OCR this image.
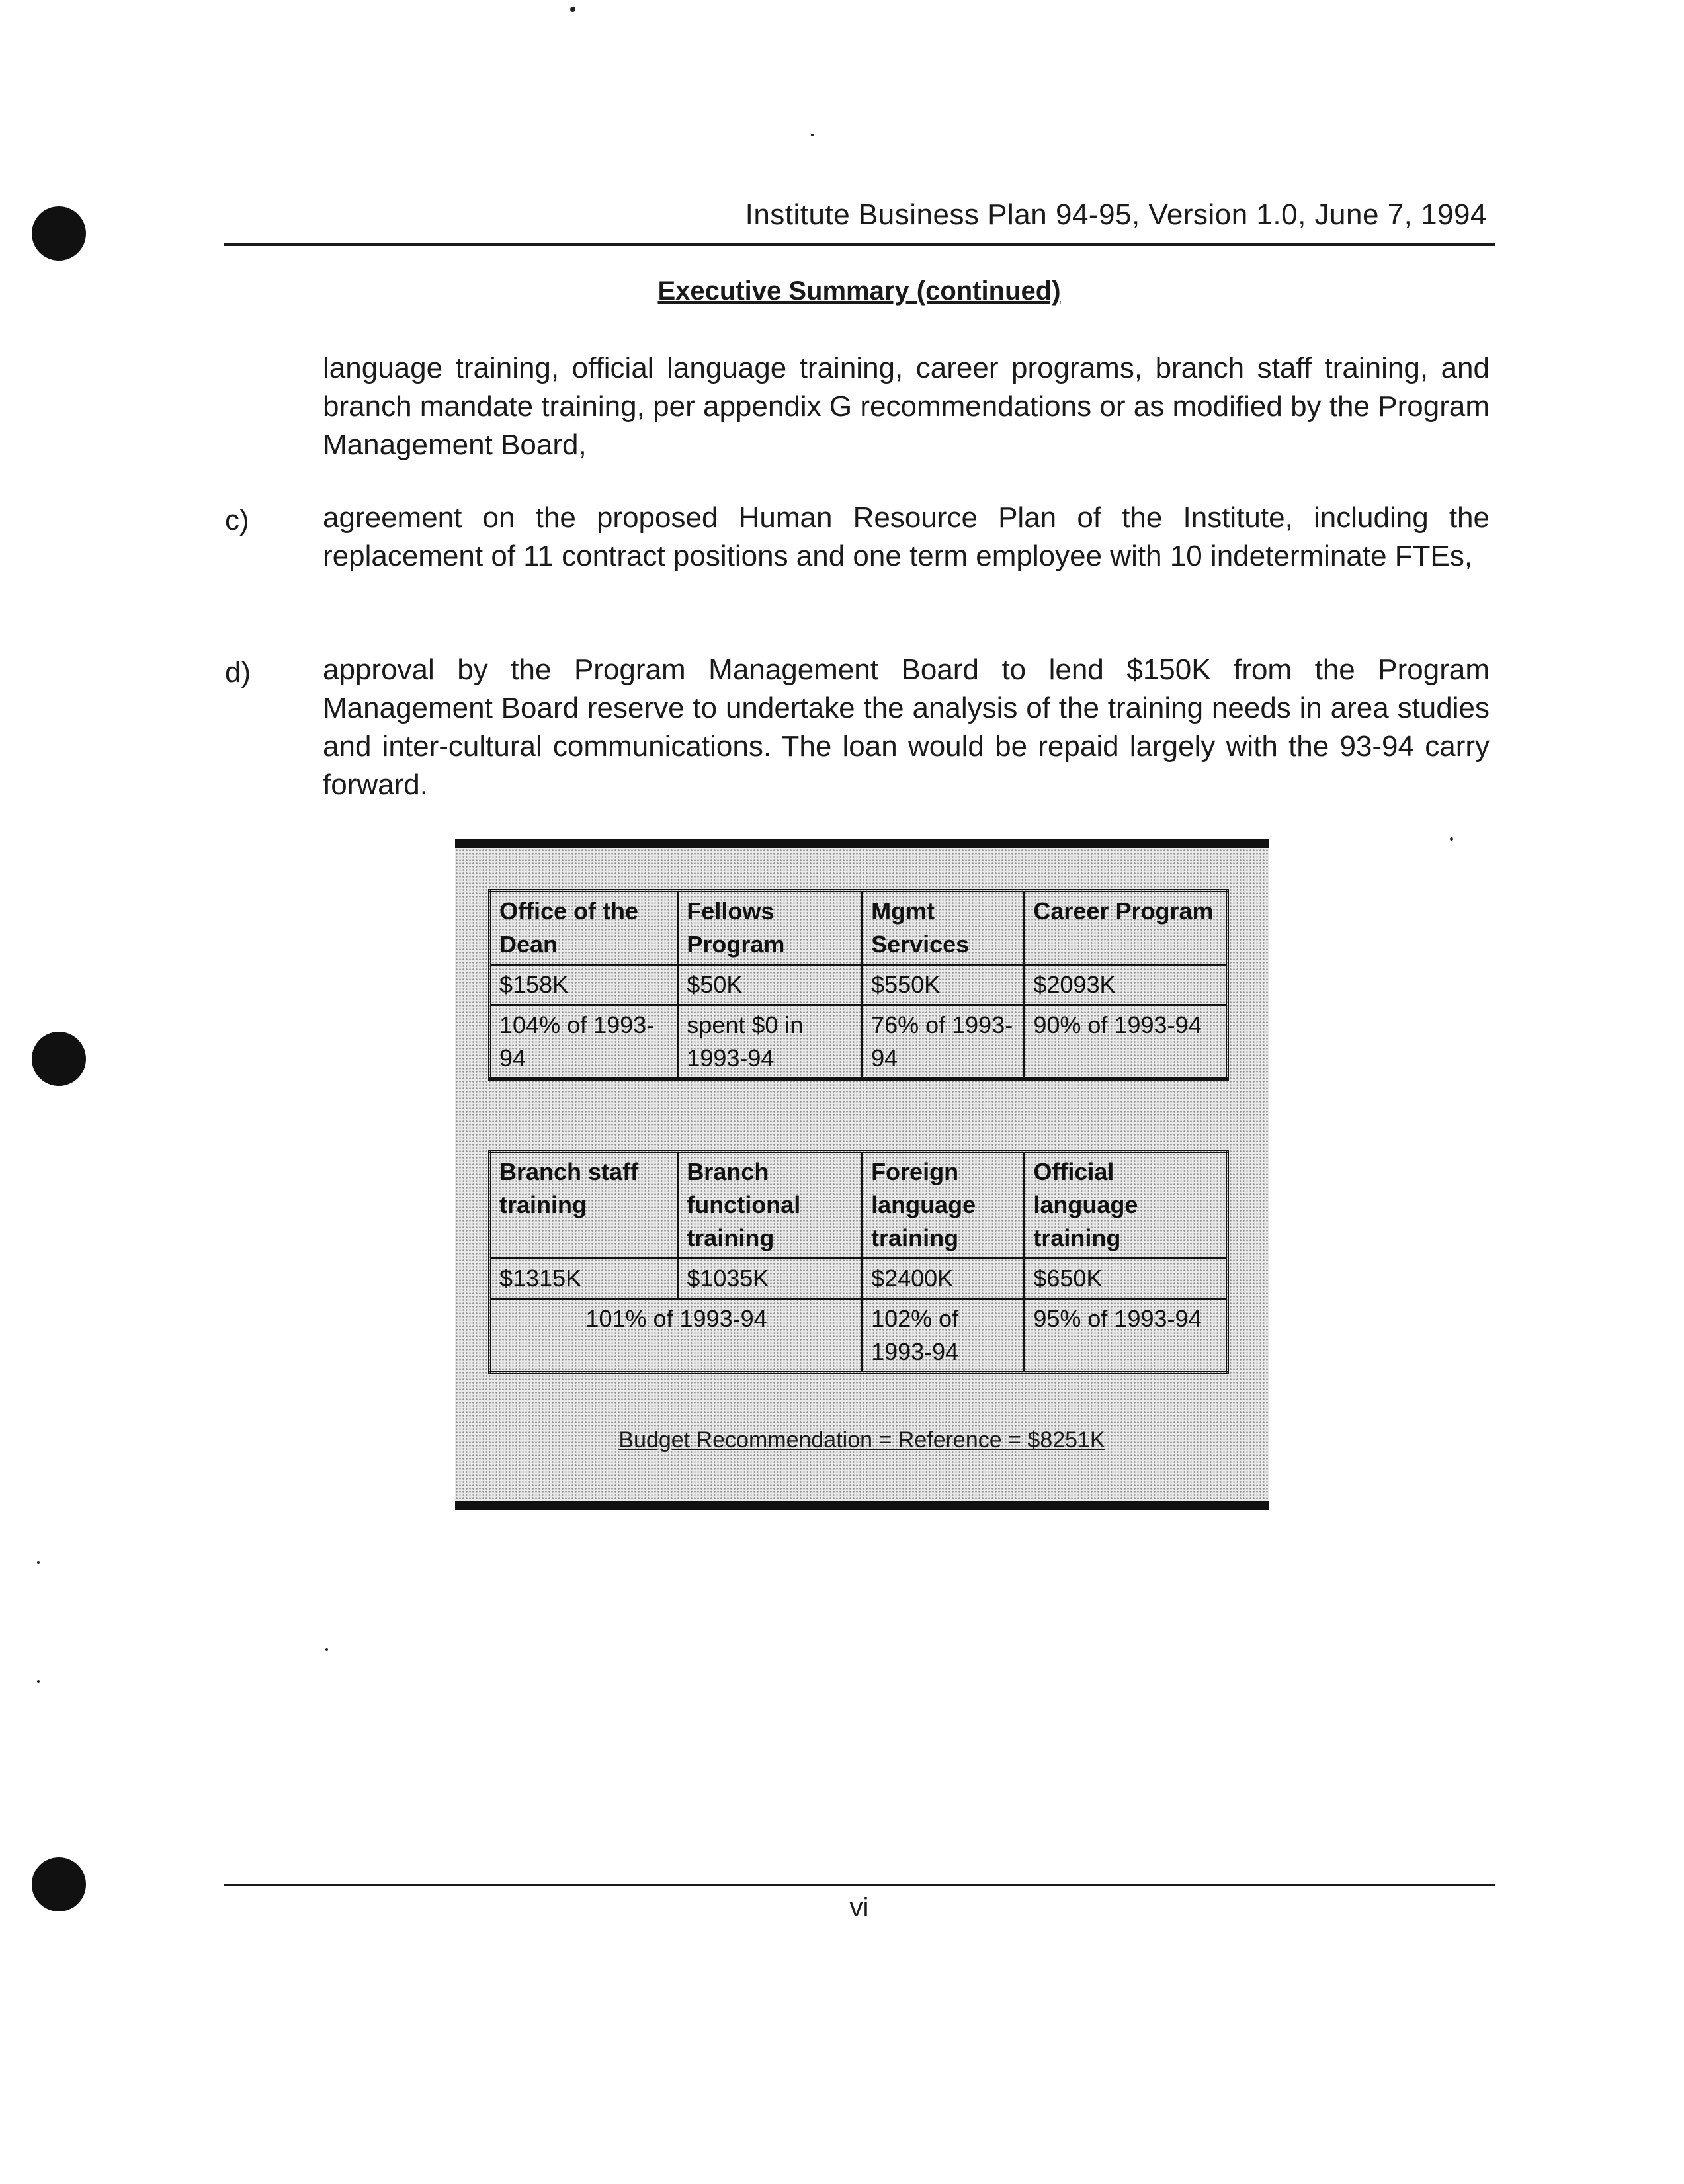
Institute Business Plan 94-95, Version 1.0, June 7, 1994
Executive Summary (continued)
language training, official language training, career programs, branch staff training, and branch mandate training, per appendix G recommendations or as modified by the Program Management Board,
c)	agreement on the proposed Human Resource Plan of the Institute, including the replacement of 11 contract positions and one term employee with 10 indeterminate FTEs,
d) approval by the Program Management Board to lend $150K from the Program Management Board reserve to undertake the analysis of the training needs in area studies and inter-cultural communications. The loan would be repaid largely with the 93-94 carry forward.
Office of the Dean	Fellows Program	Mgmt Services	Career Program
$158K	$50K	$550K	$2093K
104% of 1993-94	spent $0 in 1993-94	76% of 1993-94	90% of 1993-94
Branch staff training	Branch functional training	Foreign language training	Official language training
$1315K	$1035K	$2400K	$650K
101% of 1993-94		102% of 1993-94	95% of 1993-94
Budget Recommendation = Reference = $8251K
vi
